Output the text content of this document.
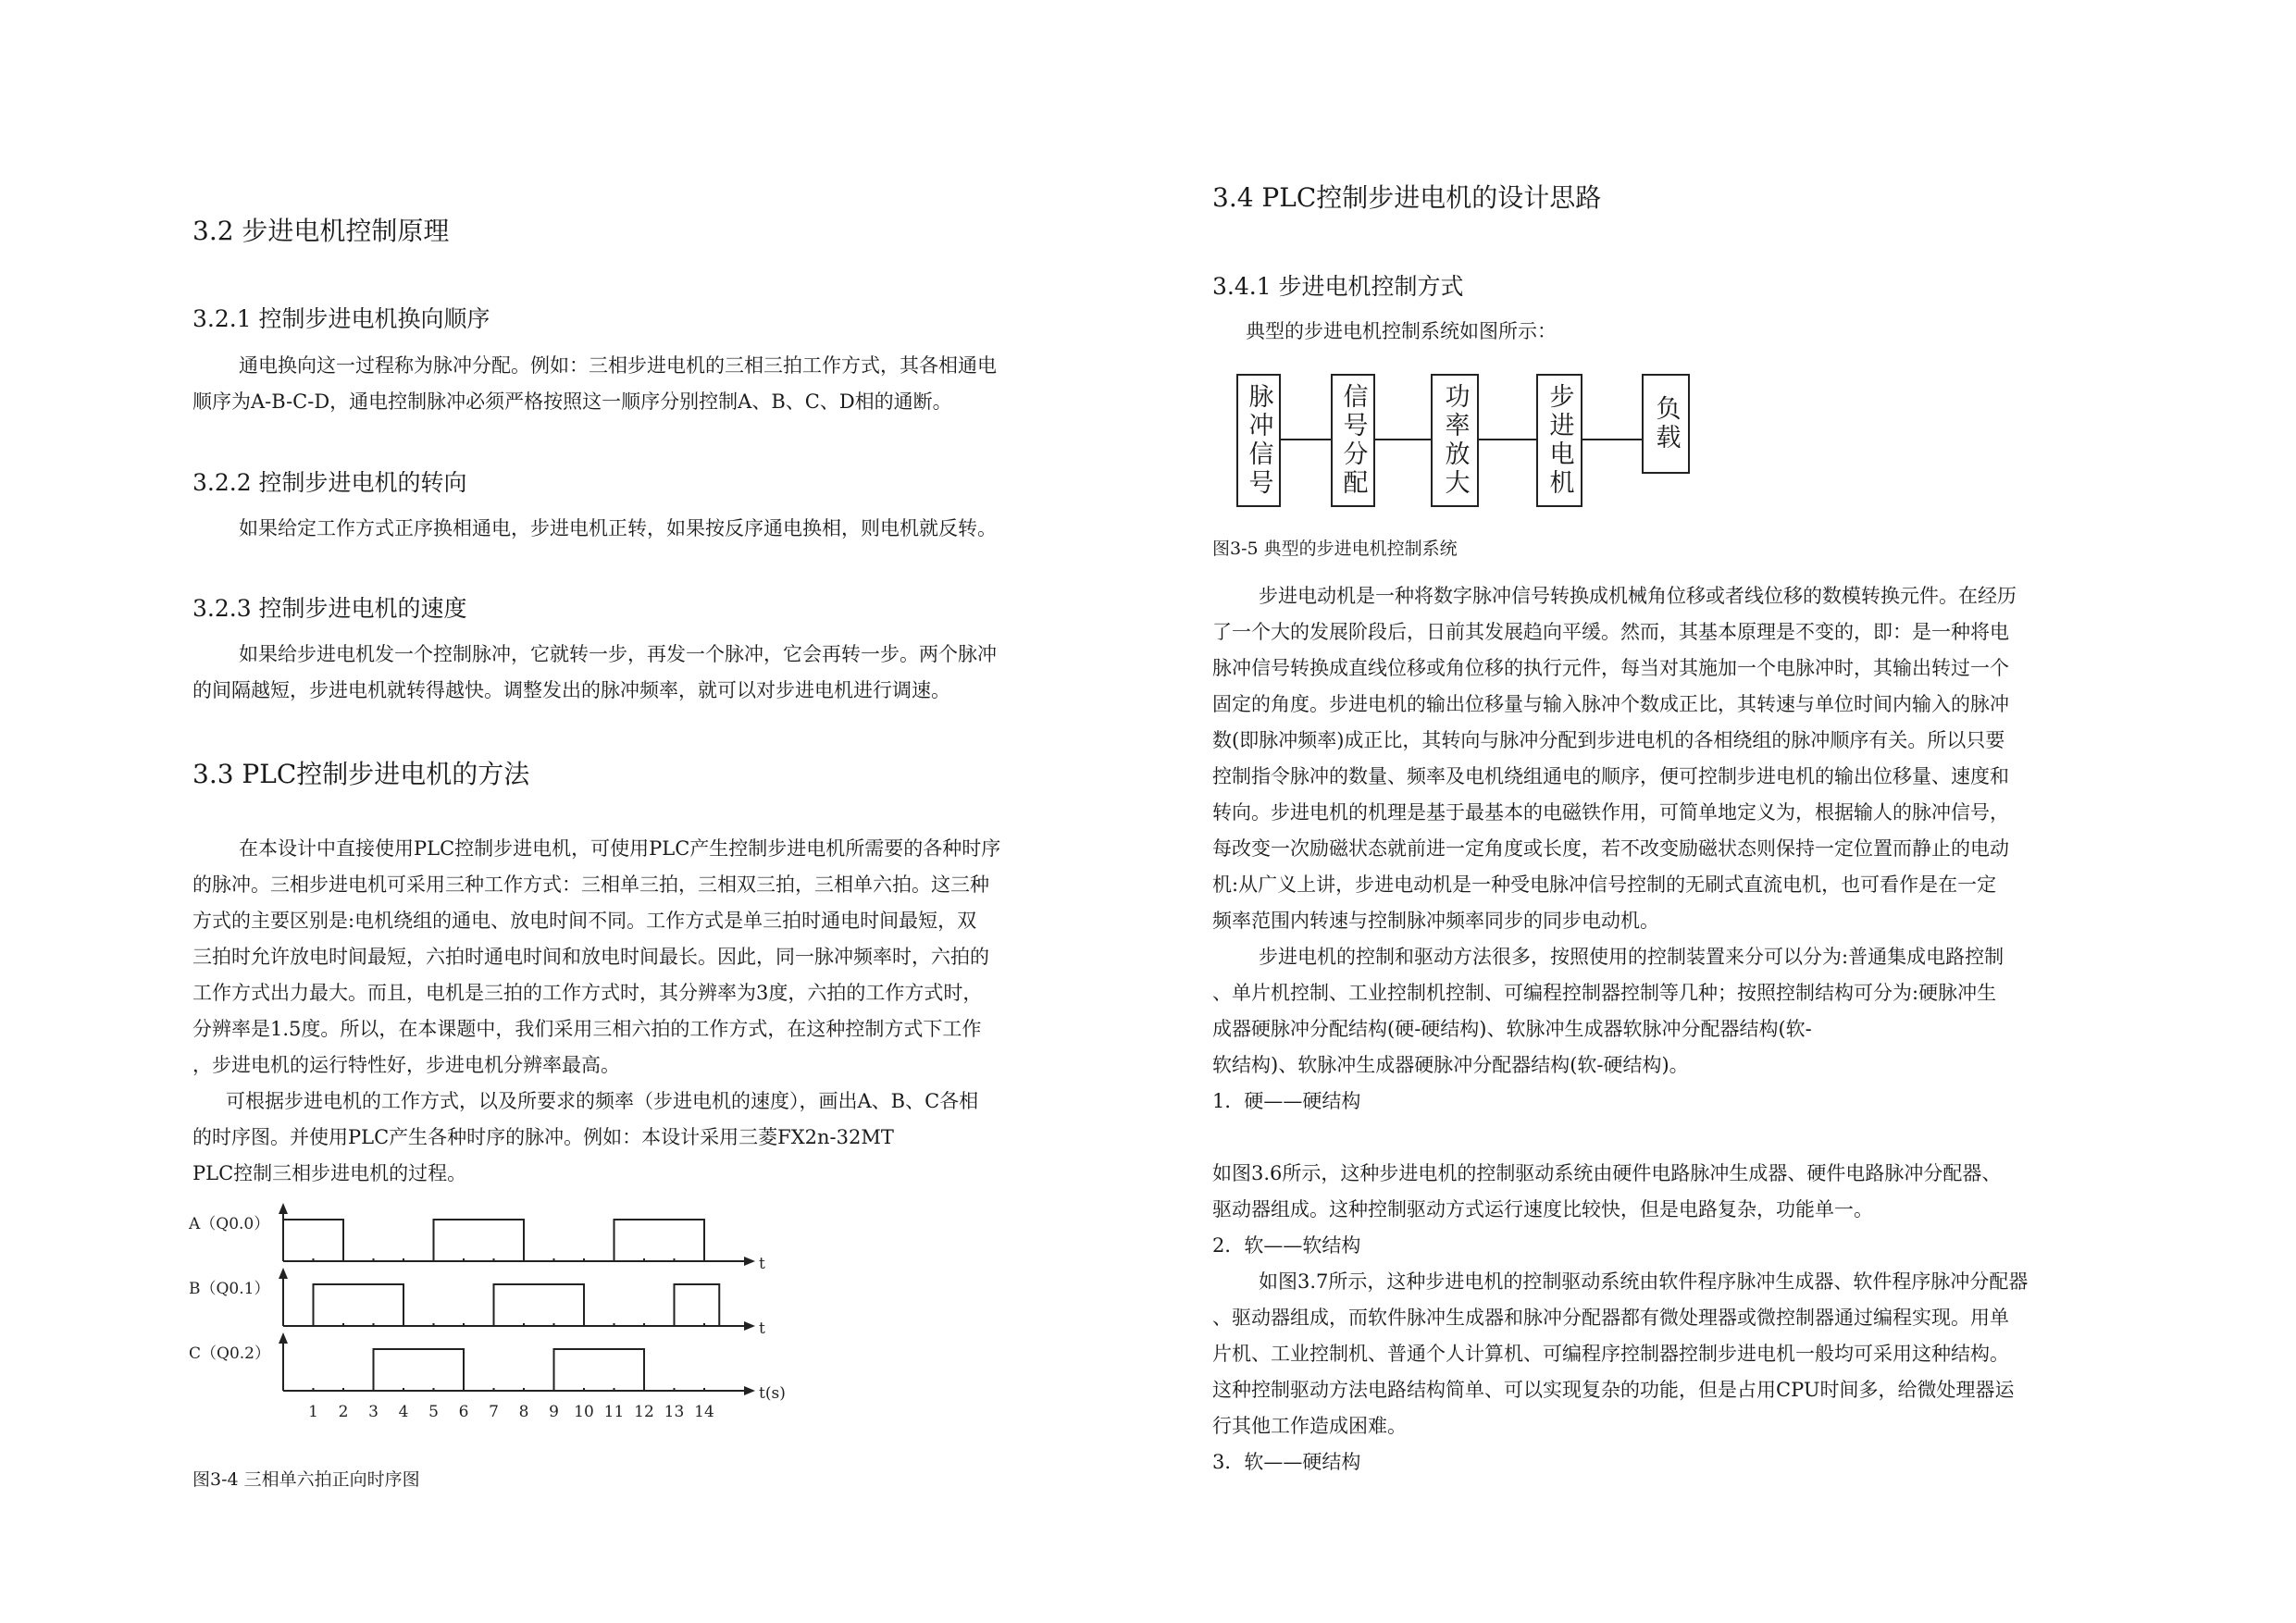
3.2 步进电机控制原理
3.2.1 控制步进电机换向顺序

通电换向这一过程称为脉冲分配。例如：三相步进电机的三相三拍工作方式，其各相通电

顺序为A-B-C-D，通电控制脉冲必须严格按照这一顺序分别控制A、B、C、D相的通断。

3.2.2 控制步进电机的转向

如果给定工作方式正序换相通电，步进电机正转，如果按反序通电换相，则电机就反转。

3.2.3 控制步进电机的速度

如果给步进电机发一个控制脉冲，它就转一步，再发一个脉冲，它会再转一步。两个脉冲

的间隔越短，步进电机就转得越快。调整发出的脉冲频率，就可以对步进电机进行调速。

3.3 PLC控制步进电机的方法

在本设计中直接使用PLC控制步进电机，可使用PLC产生控制步进电机所需要的各种时序

的脉冲。三相步进电机可采用三种工作方式：三相单三拍，三相双三拍，三相单六拍。这三种

方式的主要区别是:电机绕组的通电、放电时间不同。工作方式是单三拍时通电时间最短，双

三拍时允许放电时间最短，六拍时通电时间和放电时间最长。因此，同一脉冲频率时，六拍的

工作方式出力最大。而且，电机是三拍的工作方式时，其分辨率为3度，六拍的工作方式时，

分辨率是1.5度。所以，在本课题中，我们采用三相六拍的工作方式，在这种控制方式下工作

，步进电机的运行特性好，步进电机分辨率最高。

可根据步进电机的工作方式，以及所要求的频率（步进电机的速度），画出A、B、C各相

的时序图。并使用PLC产生各种时序的脉冲。例如：本设计采用三菱FX2n-32MT

PLC控制三相步进电机的过程。

A（Q0.0）
t
B（Q0.1）
t
C（Q0.2）
t(s)
1 2 3 4 5 6 7 8 9 10 11 12 13 14
图3-4 三相单六拍正向时序图
3.4 PLC控制步进电机的设计思路
3.4.1 步进电机控制方式

典型的步进电机控制系统如图所示：

脉冲信号	信号分配	功率放大	步进电机	负载
图3-5 典型的步进电机控制系统

步进电动机是一种将数字脉冲信号转换成机械角位移或者线位移的数模转换元件。在经历

了一个大的发展阶段后，日前其发展趋向平缓。然而，其基本原理是不变的，即：是一种将电

脉冲信号转换成直线位移或角位移的执行元件，每当对其施加一个电脉冲时，其输出转过一个

固定的角度。步进电机的输出位移量与输入脉冲个数成正比，其转速与单位时间内输入的脉冲

数(即脉冲频率)成正比，其转向与脉冲分配到步进电机的各相绕组的脉冲顺序有关。所以只要

控制指令脉冲的数量、频率及电机绕组通电的顺序，便可控制步进电机的输出位移量、速度和

转向。步进电机的机理是基于最基本的电磁铁作用，可简单地定义为，根据输人的脉冲信号，

每改变一次励磁状态就前进一定角度或长度，若不改变励磁状态则保持一定位置而静止的电动

机:从广义上讲，步进电动机是一种受电脉冲信号控制的无刷式直流电机，也可看作是在一定

频率范围内转速与控制脉冲频率同步的同步电动机。

步进电机的控制和驱动方法很多，按照使用的控制装置来分可以分为:普通集成电路控制

、单片机控制、工业控制机控制、可编程控制器控制等几种；按照控制结构可分为:硬脉冲生

成器硬脉冲分配结构(硬-硬结构)、软脉冲生成器软脉冲分配器结构(软-

软结构)、软脉冲生成器硬脉冲分配器结构(软-硬结构)。

1．硬——硬结构

如图3.6所示，这种步进电机的控制驱动系统由硬件电路脉冲生成器、硬件电路脉冲分配器、

驱动器组成。这种控制驱动方式运行速度比较快，但是电路复杂，功能单一。

2．软——软结构

如图3.7所示，这种步进电机的控制驱动系统由软件程序脉冲生成器、软件程序脉冲分配器

、驱动器组成，而软件脉冲生成器和脉冲分配器都有微处理器或微控制器通过编程实现。用单

片机、工业控制机、普通个人计算机、可编程序控制器控制步进电机一般均可采用这种结构。

这种控制驱动方法电路结构简单、可以实现复杂的功能，但是占用CPU时间多，给微处理器运

行其他工作造成困难。

3．软——硬结构
